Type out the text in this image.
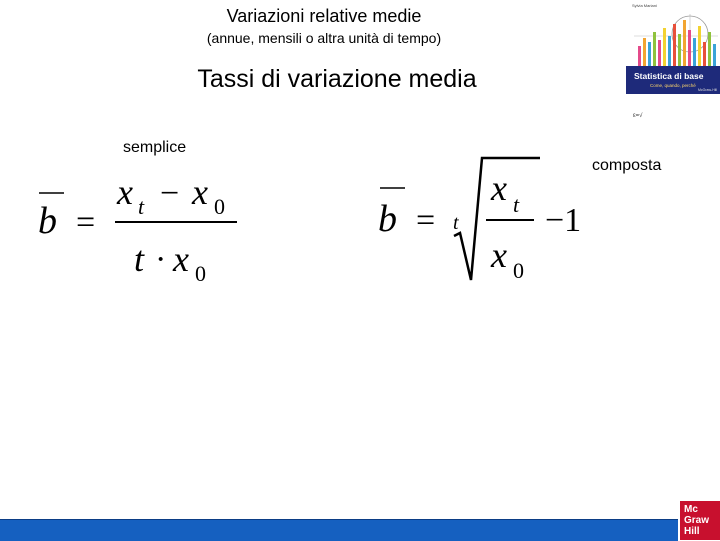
Variazioni relative medie
(annue, mensili o altra unità di tempo)
Tassi di variazione media
semplice
composta
b =
x t − x 0
t · x 0
b = t
x t
x 0
−1
Sylvia Mariani
Statistica di base
Come, quando, perché
McGraw-Hill
ε=√
Mc
Graw
Hill
